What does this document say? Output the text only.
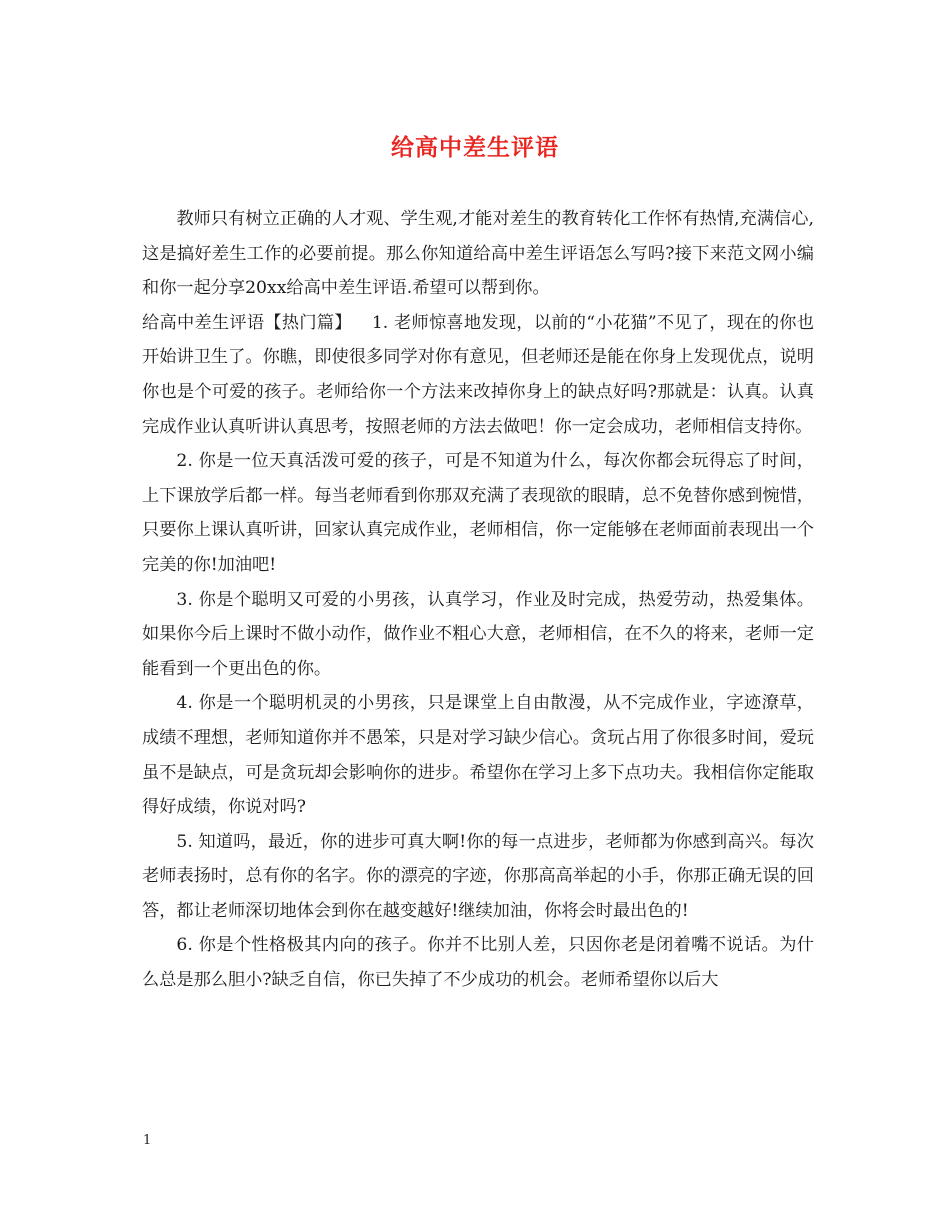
给高中差生评语

教师只有树立正确的人才观、学生观,才能对差生的教育转化工作怀有热情,充满信心,这是搞好差生工作的必要前提。那么你知道给高中差生评语怎么写吗?接下来范文网小编和你一起分享20xx给高中差生评语.希望可以帮到你。

给高中差生评语【热门篇】 1. 老师惊喜地发现，以前的“小花猫”不见了，现在的你也开始讲卫生了。你瞧，即使很多同学对你有意见，但老师还是能在你身上发现优点，说明你也是个可爱的孩子。老师给你一个方法来改掉你身上的缺点好吗?那就是：认真。认真完成作业认真听讲认真思考，按照老师的方法去做吧！你一定会成功，老师相信支持你。

2. 你是一位天真活泼可爱的孩子，可是不知道为什么，每次你都会玩得忘了时间，上下课放学后都一样。每当老师看到你那双充满了表现欲的眼睛，总不免替你感到惋惜，只要你上课认真听讲，回家认真完成作业，老师相信，你一定能够在老师面前表现出一个完美的你!加油吧!

3. 你是个聪明又可爱的小男孩，认真学习，作业及时完成，热爱劳动，热爱集体。如果你今后上课时不做小动作，做作业不粗心大意，老师相信，在不久的将来，老师一定能看到一个更出色的你。

4. 你是一个聪明机灵的小男孩，只是课堂上自由散漫，从不完成作业，字迹潦草，成绩不理想，老师知道你并不愚笨，只是对学习缺少信心。贪玩占用了你很多时间，爱玩虽不是缺点，可是贪玩却会影响你的进步。希望你在学习上多下点功夫。我相信你定能取得好成绩，你说对吗?

5. 知道吗，最近，你的进步可真大啊!你的每一点进步，老师都为你感到高兴。每次老师表扬时，总有你的名字。你的漂亮的字迹，你那高高举起的小手，你那正确无误的回答，都让老师深切地体会到你在越变越好!继续加油，你将会时最出色的!

6. 你是个性格极其内向的孩子。你并不比别人差，只因你老是闭着嘴不说话。为什么总是那么胆小?缺乏自信，你已失掉了不少成功的机会。老师希望你以后大

1
